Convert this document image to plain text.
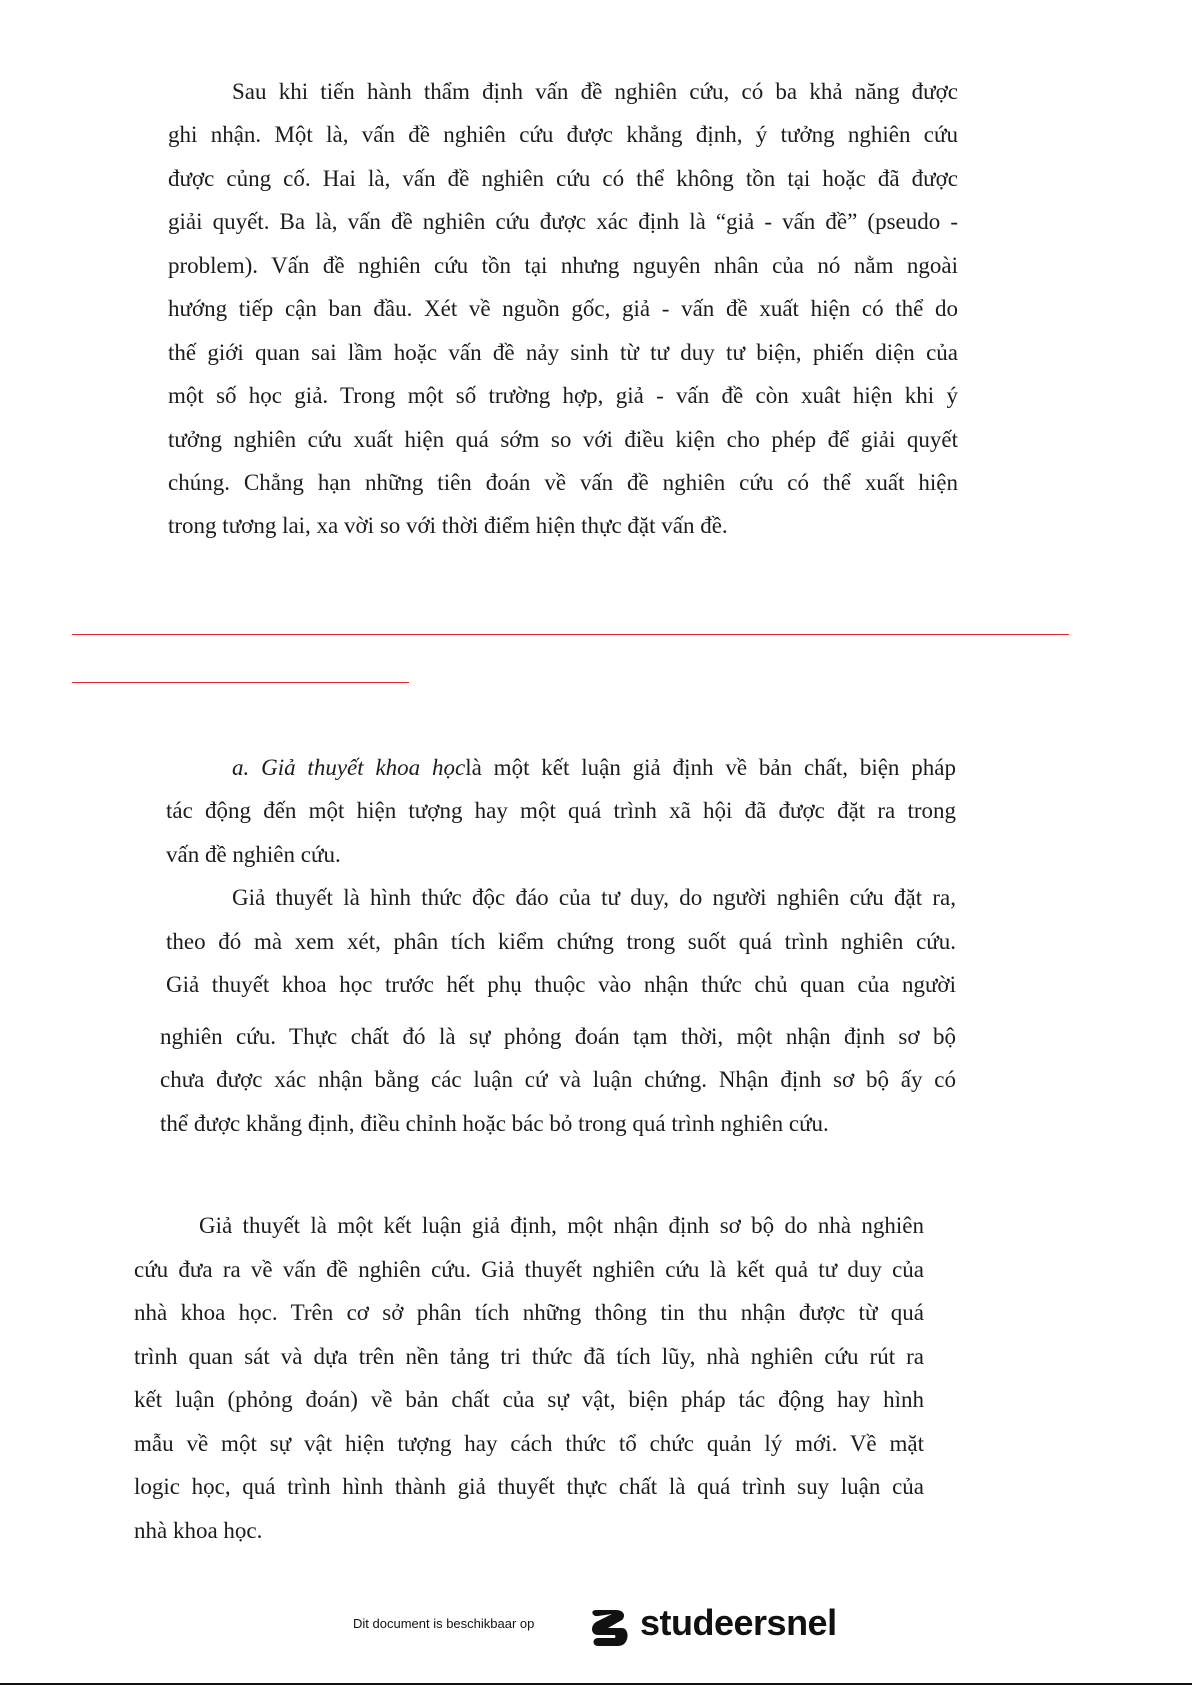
Sau khi tiến hành thẩm định vấn đề nghiên cứu, có ba khả năng được
ghi nhận. Một là, vấn đề nghiên cứu được khẳng định, ý tưởng nghiên cứu
được củng cố. Hai là, vấn đề nghiên cứu có thể không tồn tại hoặc đã được
giải quyết. Ba là, vấn đề nghiên cứu được xác định là “giả - vấn đề” (pseudo -
problem). Vấn đề nghiên cứu tồn tại nhưng nguyên nhân của nó nằm ngoài
hướng tiếp cận ban đầu. Xét về nguồn gốc, giả - vấn đề xuất hiện có thể do
thế giới quan sai lầm hoặc vấn đề nảy sinh từ tư duy tư biện, phiến diện của
một số học giả. Trong một số trường hợp, giả - vấn đề còn xuât hiện khi ý
tưởng nghiên cứu xuất hiện quá sớm so với điều kiện cho phép để giải quyết
chúng. Chẳng hạn những tiên đoán về vấn đề nghiên cứu có thể xuất hiện
trong tương lai, xa vời so với thời điểm hiện thực đặt vấn đề.
a. Giả thuyết khoa họclà một kết luận giả định về bản chất, biện pháp
tác động đến một hiện tượng hay một quá trình xã hội đã được đặt ra trong
vấn đề nghiên cứu.
Giả thuyết là hình thức độc đáo của tư duy, do người nghiên cứu đặt ra,
theo đó mà xem xét, phân tích kiểm chứng trong suốt quá trình nghiên cứu.
Giả thuyết khoa học trước hết phụ thuộc vào nhận thức chủ quan của người
nghiên cứu. Thực chất đó là sự phỏng đoán tạm thời, một nhận định sơ bộ
chưa được xác nhận bằng các luận cứ và luận chứng. Nhận định sơ bộ ấy có
thể được khẳng định, điều chỉnh hoặc bác bỏ trong quá trình nghiên cứu.
Giả thuyết là một kết luận giả định, một nhận định sơ bộ do nhà nghiên
cứu đưa ra về vấn đề nghiên cứu. Giả thuyết nghiên cứu là kết quả tư duy của
nhà khoa học. Trên cơ sở phân tích những thông tin thu nhận được từ quá
trình quan sát và dựa trên nền tảng tri thức đã tích lũy, nhà nghiên cứu rút ra
kết luận (phỏng đoán) về bản chất của sự vật, biện pháp tác động hay hình
mẫu về một sự vật hiện tượng hay cách thức tổ chức quản lý mới. Về mặt
logic học, quá trình hình thành giả thuyết thực chất là quá trình suy luận của
nhà khoa học.
Dit document is beschikbaar op	studeersnel
